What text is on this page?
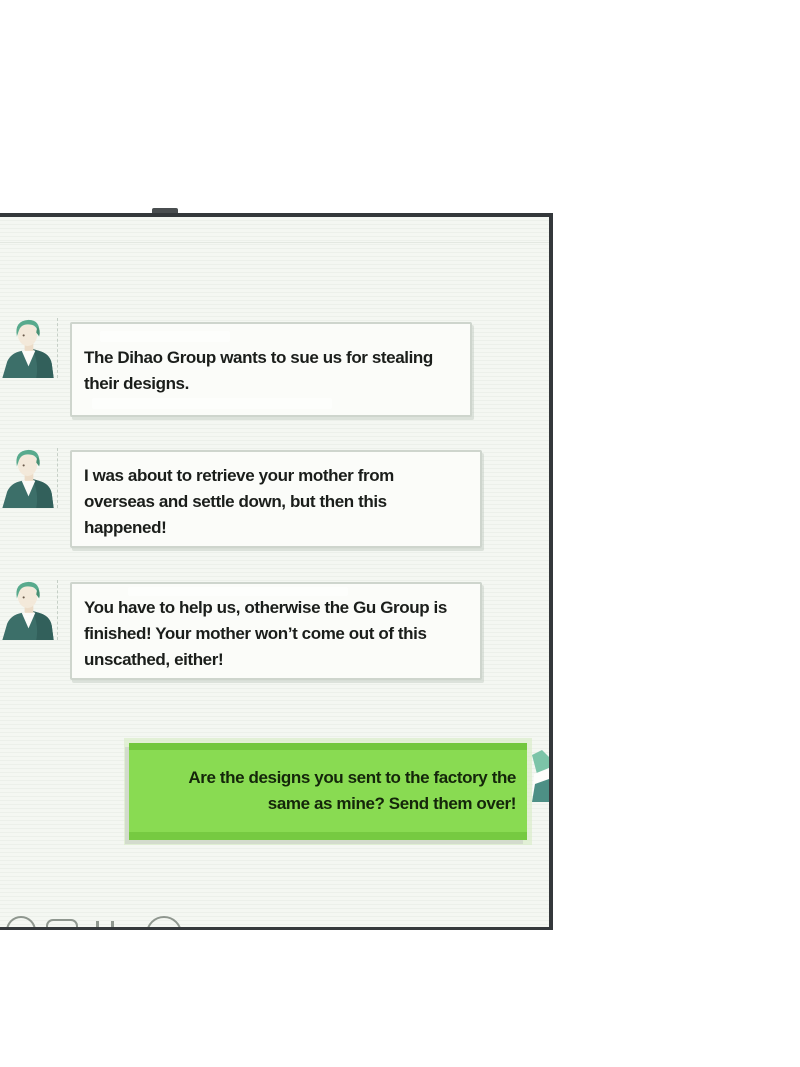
The Dihao Group wants to sue us for stealing
their designs.
I was about to retrieve your mother from
overseas and settle down, but then this
happened!
You have to help us, otherwise the Gu Group is
finished! Your mother won’t come out of this
unscathed, either!
Are the designs you sent to the factory the
same as mine? Send them over!
